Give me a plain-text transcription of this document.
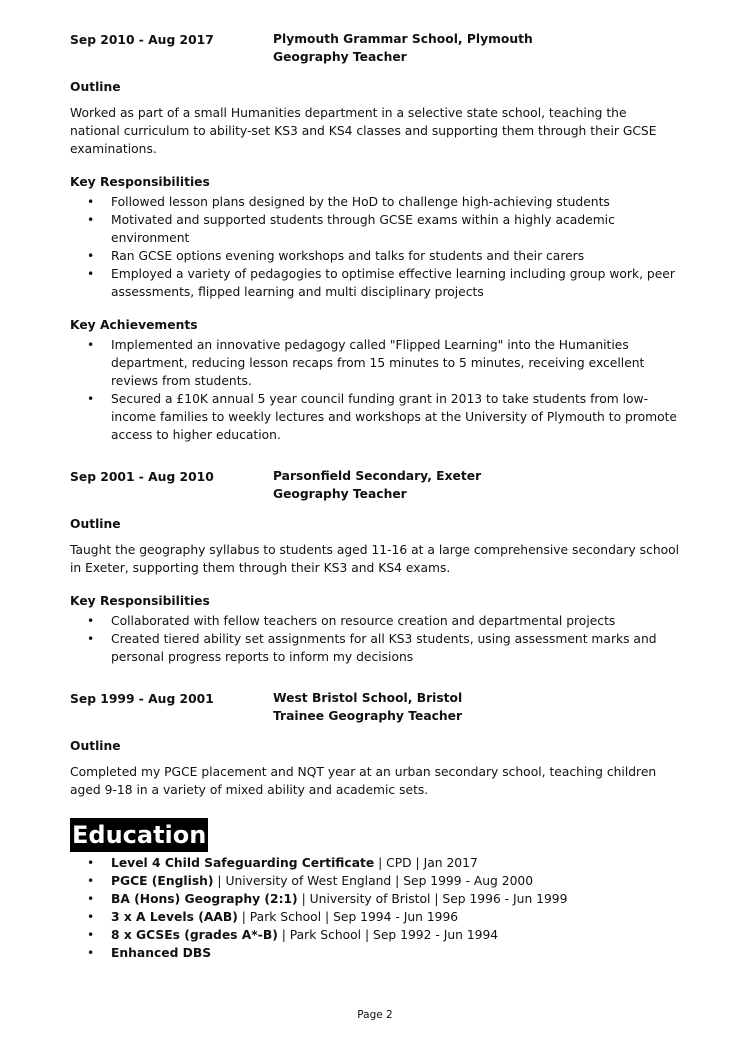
Sep 2010 - Aug 2017	Plymouth Grammar School, Plymouth
Geography Teacher
Outline
Worked as part of a small Humanities department in a selective state school, teaching the national curriculum to ability-set KS3 and KS4 classes and supporting them through their GCSE examinations.
Key Responsibilities
• Followed lesson plans designed by the HoD to challenge high-achieving students
• Motivated and supported students through GCSE exams within a highly academic environment
• Ran GCSE options evening workshops and talks for students and their carers
• Employed a variety of pedagogies to optimise effective learning including group work, peer assessments, flipped learning and multi disciplinary projects
Key Achievements
• Implemented an innovative pedagogy called "Flipped Learning" into the Humanities department, reducing lesson recaps from 15 minutes to 5 minutes, receiving excellent reviews from students.
• Secured a £10K annual 5 year council funding grant in 2013 to take students from low-income families to weekly lectures and workshops at the University of Plymouth to promote access to higher education.
Sep 2001 - Aug 2010	Parsonfield Secondary, Exeter
Geography Teacher
Outline
Taught the geography syllabus to students aged 11-16 at a large comprehensive secondary school in Exeter, supporting them through their KS3 and KS4 exams.
Key Responsibilities
• Collaborated with fellow teachers on resource creation and departmental projects
• Created tiered ability set assignments for all KS3 students, using assessment marks and personal progress reports to inform my decisions
Sep 1999 - Aug 2001	West Bristol School, Bristol
Trainee Geography Teacher
Outline
Completed my PGCE placement and NQT year at an urban secondary school, teaching children aged 9-18 in a variety of mixed ability and academic sets.
Education
• Level 4 Child Safeguarding Certificate | CPD | Jan 2017
• PGCE (English) | University of West England | Sep 1999 - Aug 2000
• BA (Hons) Geography (2:1) | University of Bristol | Sep 1996 - Jun 1999
• 3 x A Levels (AAB) | Park School | Sep 1994 - Jun 1996
• 8 x GCSEs (grades A*-B) | Park School | Sep 1992 - Jun 1994
• Enhanced DBS
Page 2
